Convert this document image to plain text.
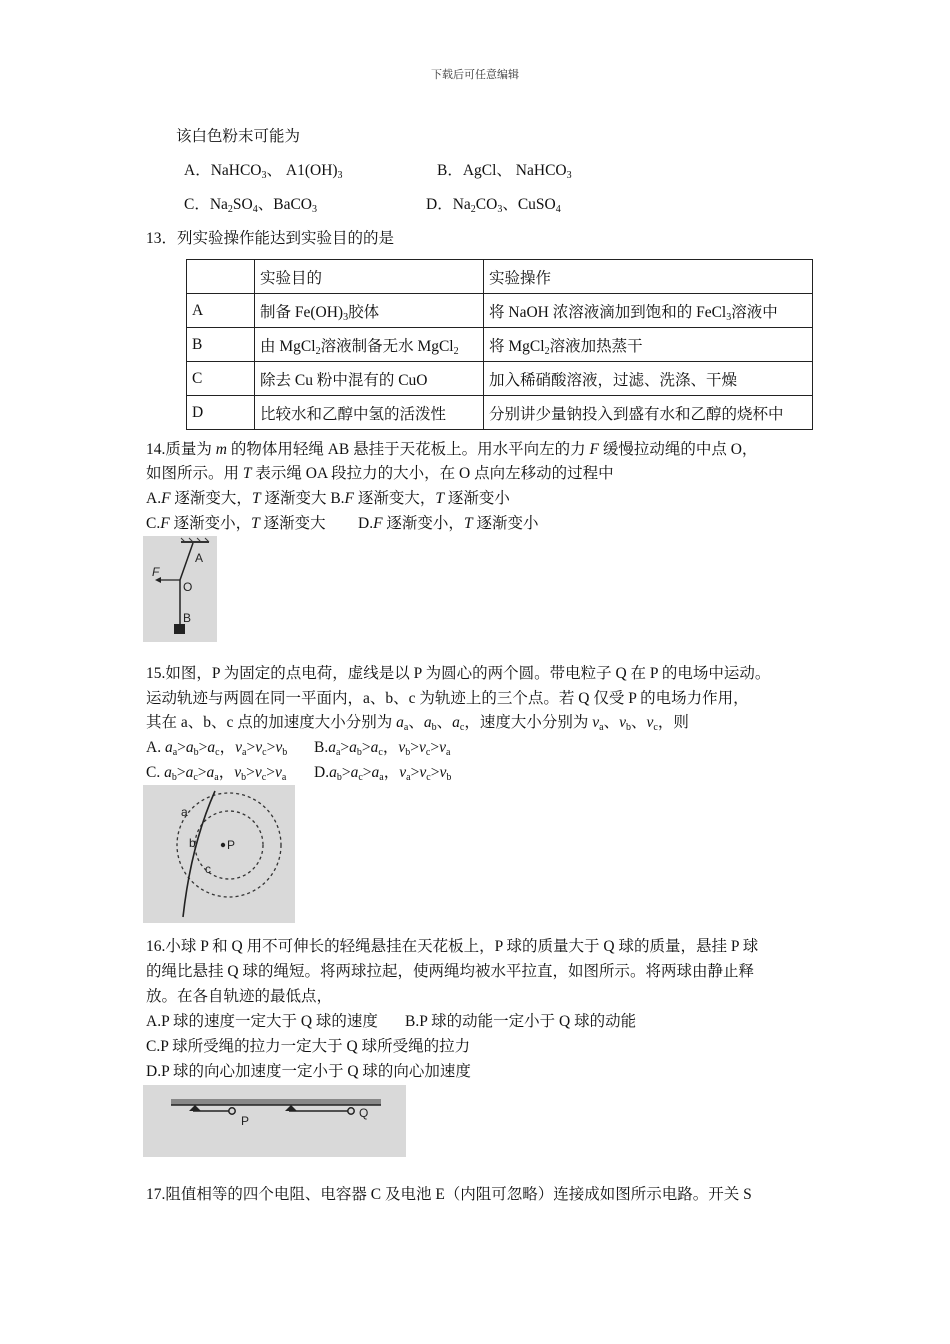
下载后可任意编辑
该白色粉末可能为
A．NaHCO$_3$、 $A1(OH)_3$	B．AgCl、 NaHCO$_3$
C．$Na_2SO_4$、BaCO$_3$	D．$Na_2CO_3$、CuSO$_4$
13．列实验操作能达到实验目的的是
	实验目的	实验操作
A	制备 $Fe(OH)_3$胶体	将 NaOH 浓溶液滴加到饱和的 FeCl$_3$溶液中
B	由 MgCl$_2$溶液制备无水 MgCl$_2$	将 MgCl$_2$溶液加热蒸干
C	除去 Cu 粉中混有的 CuO	加入稀硝酸溶液，过滤、洗涤、干燥
D	比较水和乙醇中氢的活泼性	分别讲少量钠投入到盛有水和乙醇的烧杯中
14.质量为 m 的物体用轻绳 AB 悬挂于天花板上。用水平向左的力 F 缓慢拉动绳的中点 O，
如图所示。用 T 表示绳 OA 段拉力的大小，在 O 点向左移动的过程中
A.F 逐渐变大，T 逐渐变大 B.F 逐渐变大，T 逐渐变小
C.F 逐渐变小，T 逐渐变大 D.F 逐渐变小，T 逐渐变小
F
A
O
B
15.如图，P 为固定的点电荷，虚线是以 P 为圆心的两个圆。带电粒子 Q 在 P 的电场中运动。
运动轨迹与两圆在同一平面内，a、b、c 为轨迹上的三个点。若 Q 仅受 P 的电场力作用，
其在 a、b、c 点的加速度大小分别为 $a_a$、$a_b$、$a_c$，速度大小分别为 $v_a$、$v_b$、$v_c$，则
A. $a_a>a_b>a_c$，$v_a>v_c>v_b$ $B.a_a>a_b>a_c$，$v_b>v_c>v_a$
C. $a_b>a_c>a_a$，$v_b>v_c>v_a$ $D.a_b>a_c>a_a$，$v_a>v_c>v_b$
P
a
b
c
16.小球 P 和 Q 用不可伸长的轻绳悬挂在天花板上，P 球的质量大于 Q 球的质量，悬挂 P 球
的绳比悬挂 Q 球的绳短。将两球拉起，使两绳均被水平拉直，如图所示。将两球由静止释
放。在各自轨迹的最低点，
A.P 球的速度一定大于 Q 球的速度 B.P 球的动能一定小于 Q 球的动能
C.P 球所受绳的拉力一定大于 Q 球所受绳的拉力
D.P 球的向心加速度一定小于 Q 球的向心加速度
P
Q
17.阻值相等的四个电阻、电容器 C 及电池 E（内阻可忽略）连接成如图所示电路。开关 S
